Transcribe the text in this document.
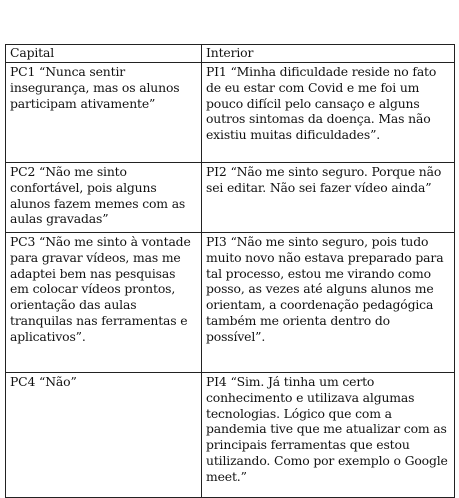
Capital	Interior
PC1 “Nunca sentir insegurança, mas os alunos participam ativamente”	PI1 “Minha dificuldade reside no fato de eu estar com Covid e me foi um pouco difícil pelo cansaço e alguns outros sintomas da doença. Mas não existiu muitas dificuldades”.
PC2 “Não me sinto confortável, pois alguns alunos fazem memes com as aulas gravadas”	PI2 “Não me sinto seguro. Porque não sei editar. Não sei fazer vídeo ainda”
PC3 “Não me sinto à vontade para gravar vídeos, mas me adaptei bem nas pesquisas em colocar vídeos prontos, orientação das aulas tranquilas nas ferramentas e aplicativos”.	PI3 “Não me sinto seguro, pois tudo muito novo não estava preparado para tal processo, estou me virando como posso, as vezes até alguns alunos me orientam, a coordenação pedagógica também me orienta dentro do possível”.
PC4 “Não”	PI4 “Sim. Já tinha um certo conhecimento e utilizava algumas tecnologias. Lógico que com a pandemia tive que me atualizar com as principais ferramentas que estou utilizando. Como por exemplo o Google meet.”
